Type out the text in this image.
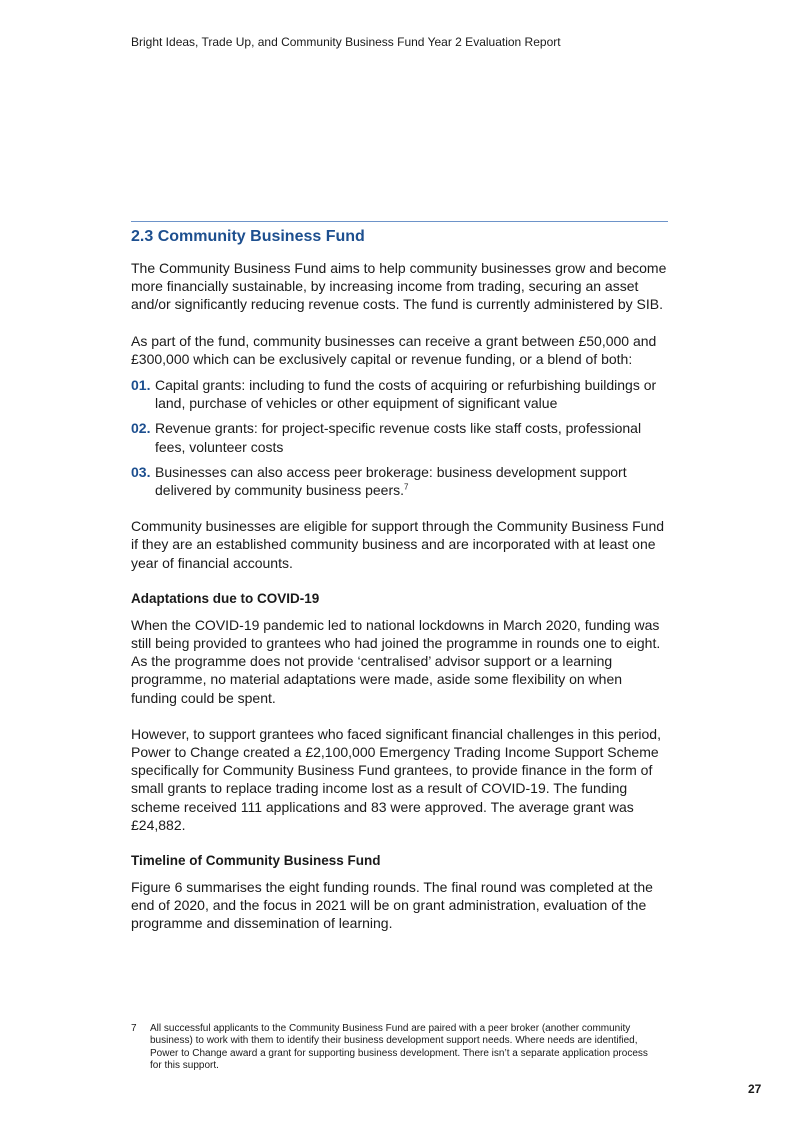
Bright Ideas, Trade Up, and Community Business Fund Year 2 Evaluation Report
2.3 Community Business Fund

The Community Business Fund aims to help community businesses grow and become more financially sustainable, by increasing income from trading, securing an asset and/or significantly reducing revenue costs. The fund is currently administered by SIB.

As part of the fund, community businesses can receive a grant between £50,000 and £300,000 which can be exclusively capital or revenue funding, or a blend of both:

01. Capital grants: including to fund the costs of acquiring or refurbishing buildings or land, purchase of vehicles or other equipment of significant value
02. Revenue grants: for project-specific revenue costs like staff costs, professional fees, volunteer costs
03. Businesses can also access peer brokerage: business development support delivered by community business peers.$^7$

Community businesses are eligible for support through the Community Business Fund if they are an established community business and are incorporated with at least one year of financial accounts.

Adaptations due to COVID-19

When the COVID-19 pandemic led to national lockdowns in March 2020, funding was still being provided to grantees who had joined the programme in rounds one to eight. As the programme does not provide ‘centralised’ advisor support or a learning programme, no material adaptations were made, aside some flexibility on when funding could be spent.

However, to support grantees who faced significant financial challenges in this period, Power to Change created a £2,100,000 Emergency Trading Income Support Scheme specifically for Community Business Fund grantees, to provide finance in the form of small grants to replace trading income lost as a result of COVID-19. The funding scheme received 111 applications and 83 were approved. The average grant was £24,882.

Timeline of Community Business Fund

Figure 6 summarises the eight funding rounds. The final round was completed at the end of 2020, and the focus in 2021 will be on grant administration, evaluation of the programme and dissemination of learning.

7	All successful applicants to the Community Business Fund are paired with a peer broker (another community business) to work with them to identify their business development support needs. Where needs are identified, Power to Change award a grant for supporting business development. There isn’t a separate application process for this support.
27
